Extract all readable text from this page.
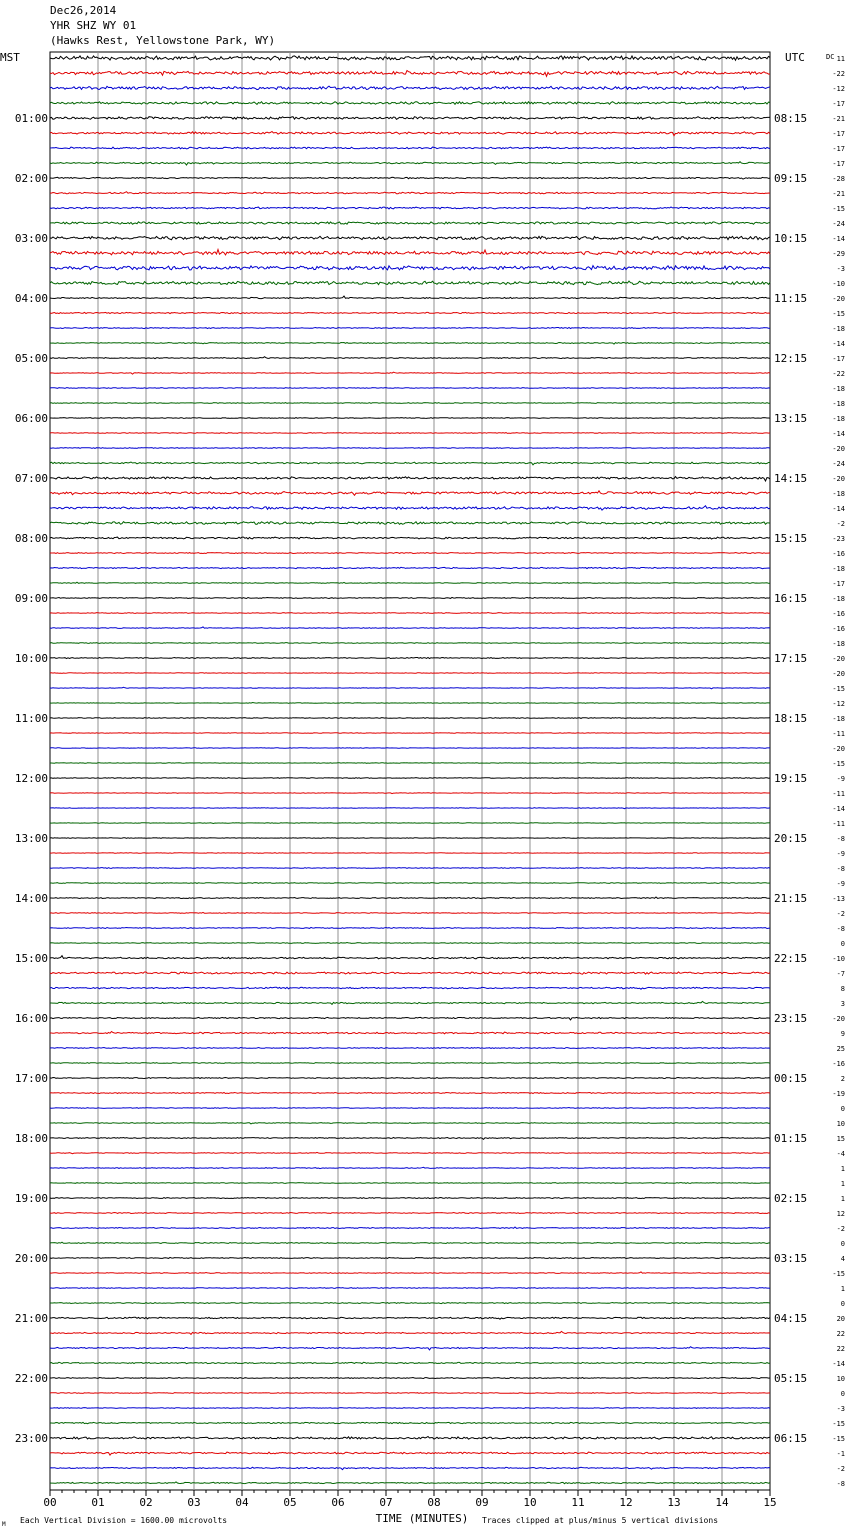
Dec26,2014
YHR SHZ WY 01
(Hawks Rest, Yellowstone Park, WY)
MST	UTC	DC
01:00
02:00
03:00
04:00
05:00
06:00
07:00
08:00
09:00
10:00
11:00
12:00
13:00
14:00
15:00
16:00
17:00
18:00
19:00
20:00
21:00
22:00
23:00
08:15
09:15
10:15
11:15
12:15
13:15
14:15
15:15
16:15
17:15
18:15
19:15
20:15
21:15
22:15
23:15
00:15
01:15
02:15
03:15
04:15
05:15
06:15
11
-22
-12
-17
-21
-17
-17
-17
-28
-21
-15
-24
-14
-29
-3
-10
-20
-15
-18
-14
-17
-22
-18
-18
-18
-14
-20
-24
-20
-18
-14
-2
-23
-16
-18
-17
-18
-16
-16
-18
-20
-20
-15
-12
-18
-11
-20
-15
-9
-11
-14
-11
-8
-9
-8
-9
-13
-2
-8
0
-10
-7
8
3
-20
9
25
-16
2
-19
0
10
15
-4
1
1
1
12
-2
0
4
-15
1
0
20
22
22
-14
10
0
-3
-15
-15
-1
-2
-8
00	01	02	03	04	05	06	07	08	09	10	11	12	13	14	15
TIME (MINUTES)
Each Vertical Division = 1600.00 microvolts	Traces clipped at plus/minus 5 vertical divisions
M
